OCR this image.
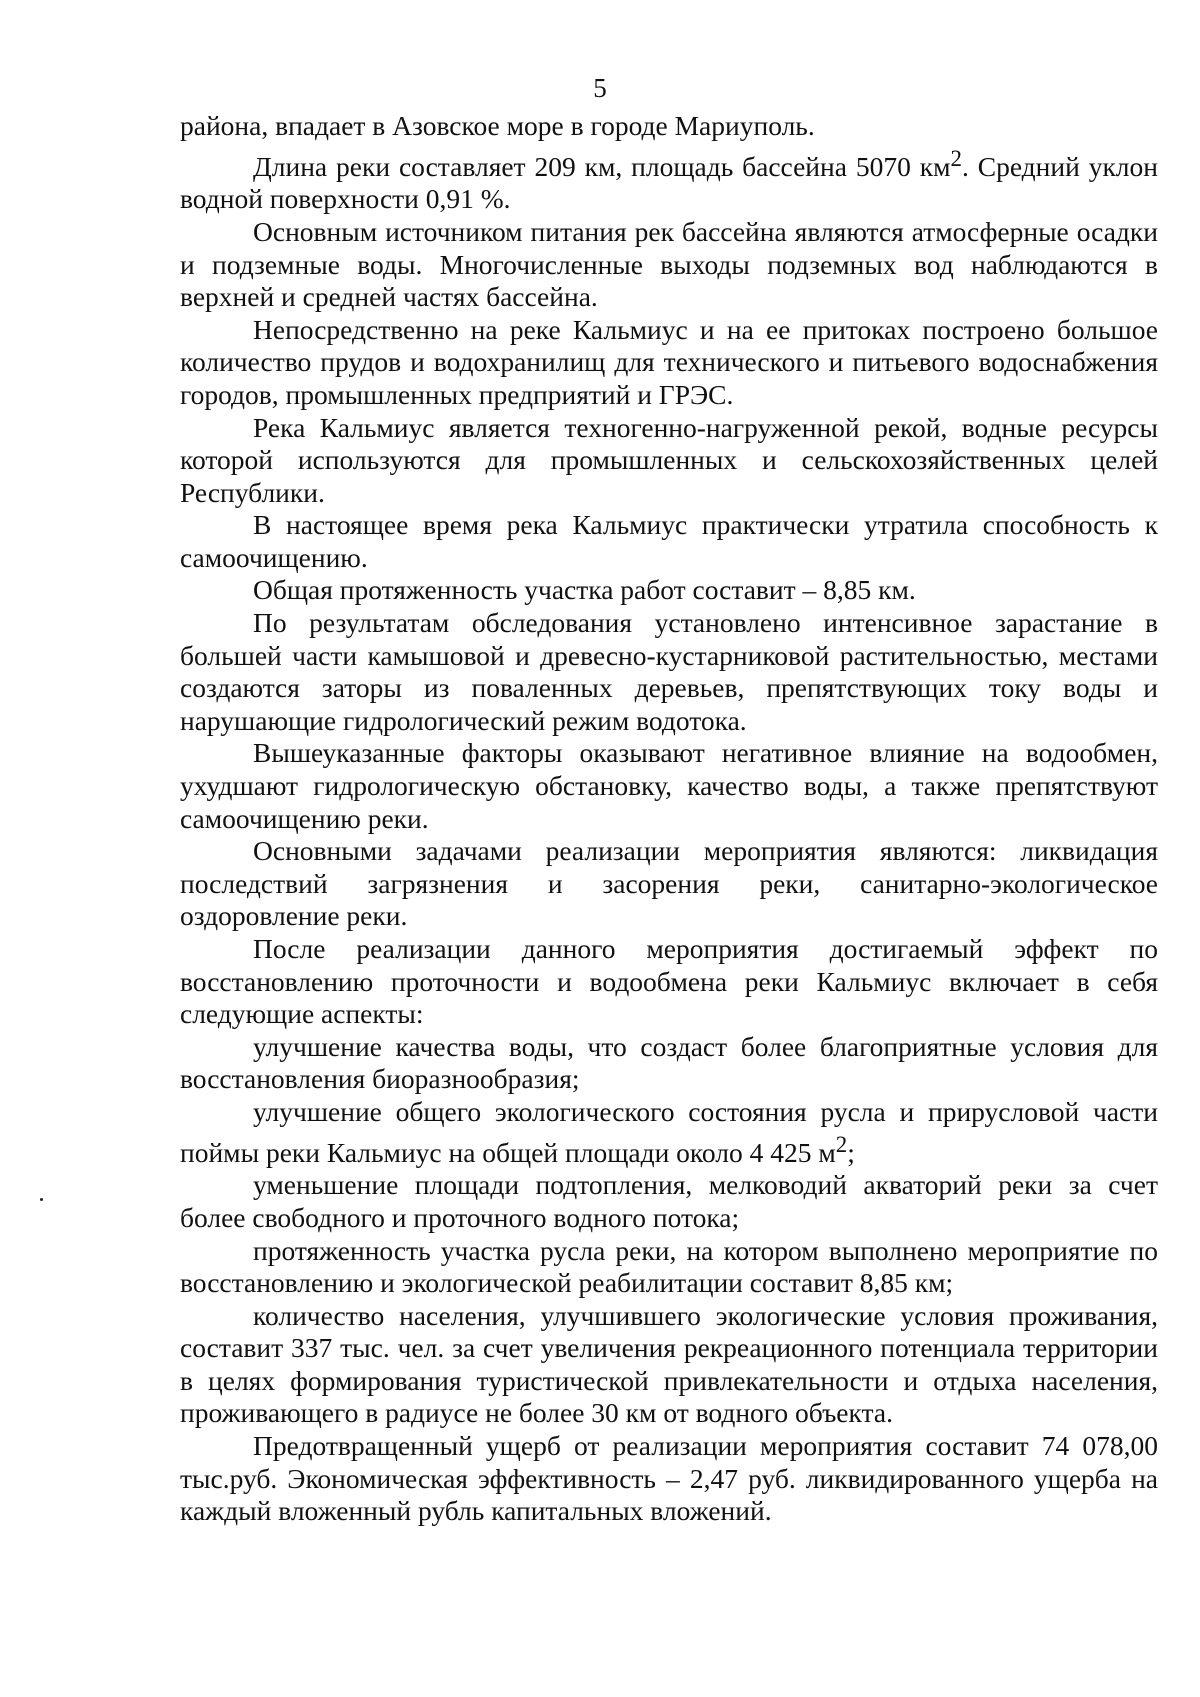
5

района, впадает в Азовское море в городе Мариуполь.

Длина реки составляет 209 км, площадь бассейна 5070 $км^2$. Средний уклон водной поверхности 0,91 %.

Основным источником питания рек бассейна являются атмосферные осадки и подземные воды. Многочисленные выходы подземных вод наблюдаются в верхней и средней частях бассейна.

Непосредственно на реке Кальмиус и на ее притоках построено большое количество прудов и водохранилищ для технического и питьевого водоснабжения городов, промышленных предприятий и ГРЭС.

Река Кальмиус является техногенно-нагруженной рекой, водные ресурсы которой используются для промышленных и сельскохозяйственных целей Республики.

В настоящее время река Кальмиус практически утратила способность к самоочищению.

Общая протяженность участка работ составит – 8,85 км.

По результатам обследования установлено интенсивное зарастание в большей части камышовой и древесно-кустарниковой растительностью, местами создаются заторы из поваленных деревьев, препятствующих току воды и нарушающие гидрологический режим водотока.

Вышеуказанные факторы оказывают негативное влияние на водообмен, ухудшают гидрологическую обстановку, качество воды, а также препятствуют самоочищению реки.

Основными задачами реализации мероприятия являются: ликвидация последствий загрязнения и засорения реки, санитарно-экологическое оздоровление реки.

После реализации данного мероприятия достигаемый эффект по восстановлению проточности и водообмена реки Кальмиус включает в себя следующие аспекты:

улучшение качества воды, что создаст более благоприятные условия для восстановления биоразнообразия;

улучшение общего экологического состояния русла и прирусловой части поймы реки Кальмиус на общей площади около 4 425 $м^2$;

уменьшение площади подтопления, мелководий акваторий реки за счет более свободного и проточного водного потока;

протяженность участка русла реки, на котором выполнено мероприятие по восстановлению и экологической реабилитации составит 8,85 км;

количество населения, улучшившего экологические условия проживания, составит 337 тыс. чел. за счет увеличения рекреационного потенциала территории в целях формирования туристической привлекательности и отдыха населения, проживающего в радиусе не более 30 км от водного объекта.

Предотвращенный ущерб от реализации мероприятия составит 74 078,00 тыс.руб. Экономическая эффективность – 2,47 руб. ликвидированного ущерба на каждый вложенный рубль капитальных вложений.
